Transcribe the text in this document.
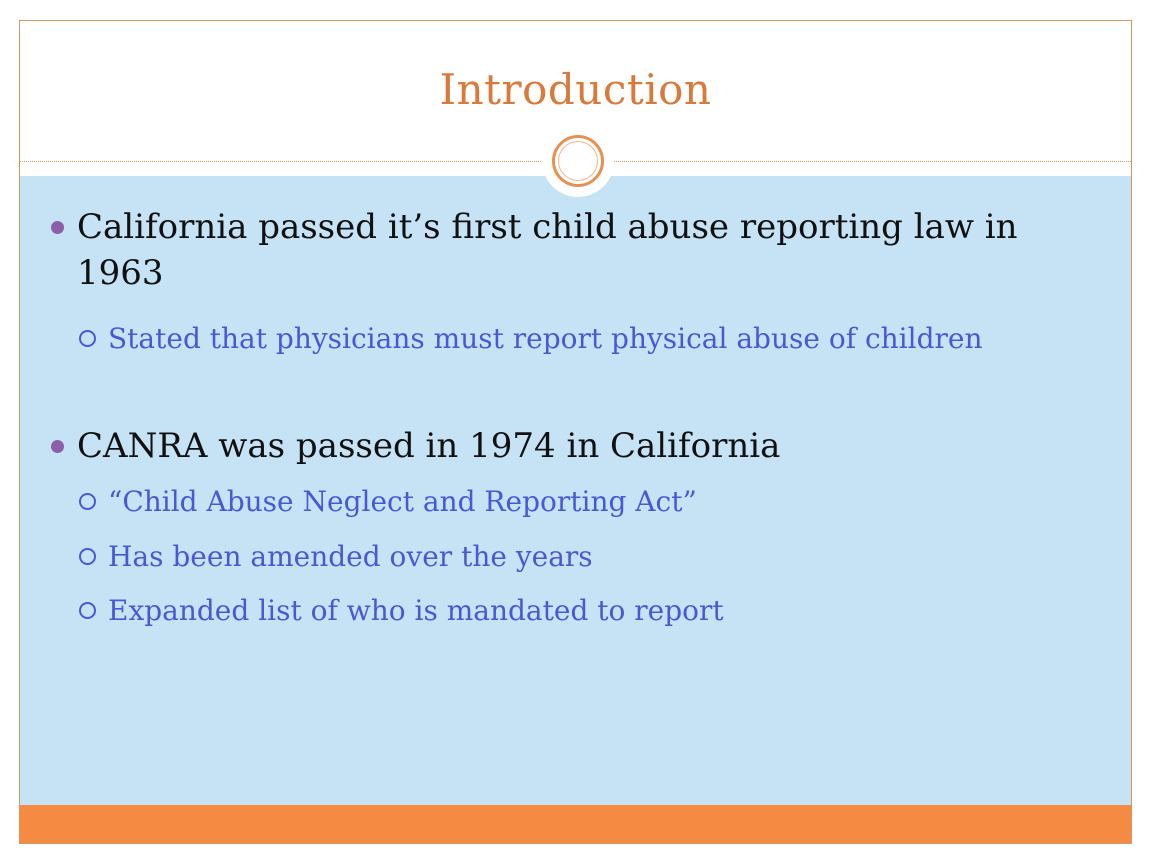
Introduction
California passed it’s first child abuse reporting law in 1963
Stated that physicians must report physical abuse of children
CANRA was passed in 1974 in California
“Child Abuse Neglect and Reporting Act”
Has been amended over the years
Expanded list of who is mandated to report
